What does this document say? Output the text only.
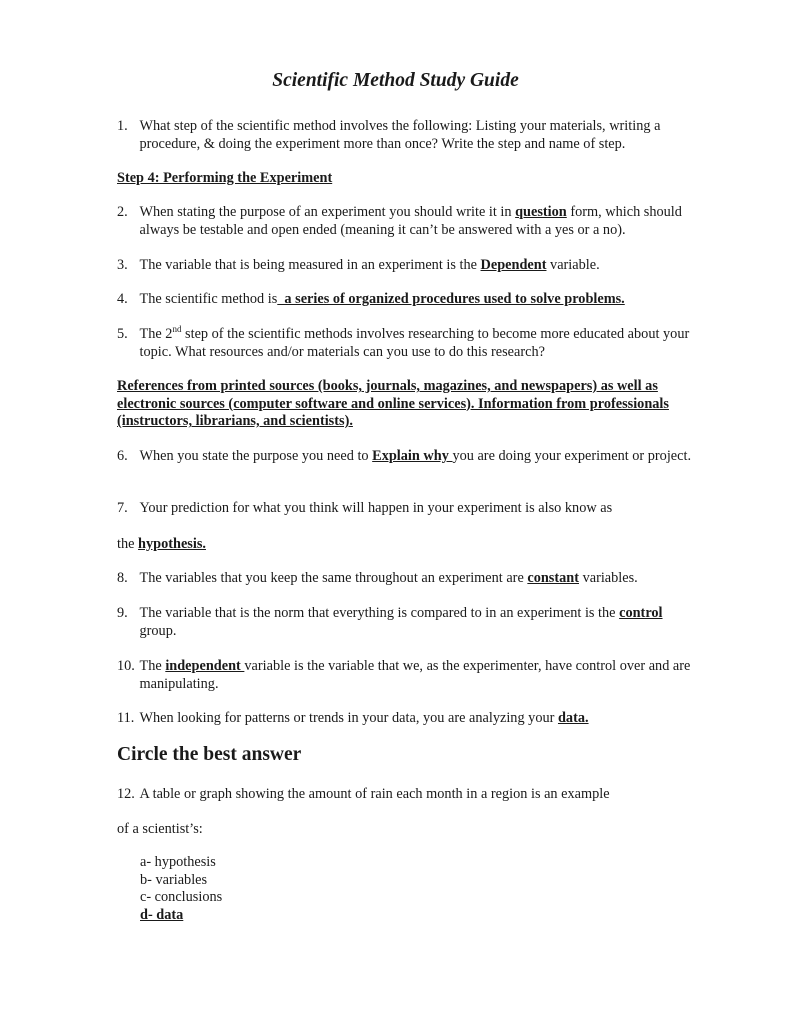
Scientific Method Study Guide
1. What step of the scientific method involves the following: Listing your materials, writing a procedure, & doing the experiment more than once? Write the step and name of step.
Step 4: Performing the Experiment
2. When stating the purpose of an experiment you should write it in question form, which should always be testable and open ended (meaning it can’t be answered with a yes or a no).
3. The variable that is being measured in an experiment is the Dependent variable.
4. The scientific method is  a series of organized procedures used to solve problems.
5. The 2nd step of the scientific methods involves researching to become more educated about your topic. What resources and/or materials can you use to do this research?
References from printed sources (books, journals, magazines, and newspapers) as well as electronic sources (computer software and online services). Information from professionals (instructors, librarians, and scientists).
6. When you state the purpose you need to Explain why you are doing your experiment or project.
7. Your prediction for what you think will happen in your experiment is also know as
the hypothesis.
8. The variables that you keep the same throughout an experiment are constant variables.
9. The variable that is the norm that everything is compared to in an experiment is the control group.
10. The independent variable is the variable that we, as the experimenter, have control over and are manipulating.
11. When looking for patterns or trends in your data, you are analyzing your data.
Circle the best answer
12. A table or graph showing the amount of rain each month in a region is an example
of a scientist’s:
a- hypothesis
b- variables
c- conclusions
d- data
